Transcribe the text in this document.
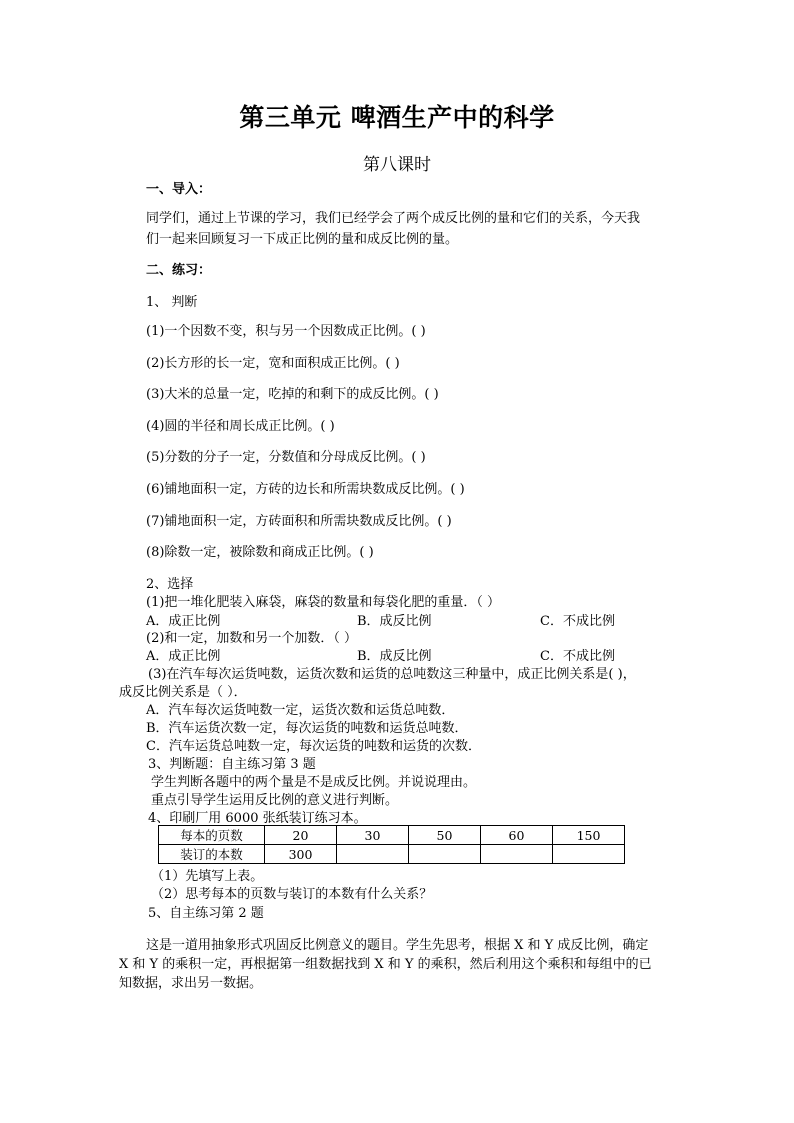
第三单元 啤酒生产中的科学
第八课时
一、导入：
同学们，通过上节课的学习，我们已经学会了两个成反比例的量和它们的关系，今天我
们一起来回顾复习一下成正比例的量和成反比例的量。
二、练习：
1、 判断
(1)一个因数不变，积与另一个因数成正比例。( )
(2)长方形的长一定，宽和面积成正比例。( )
(3)大米的总量一定，吃掉的和剩下的成反比例。( )
(4)圆的半径和周长成正比例。( )
(5)分数的分子一定，分数值和分母成反比例。( )
(6)铺地面积一定，方砖的边长和所需块数成反比例。( )
(7)铺地面积一定，方砖面积和所需块数成反比例。( )
(8)除数一定，被除数和商成正比例。( )
2、选择
(1)把一堆化肥装入麻袋，麻袋的数量和每袋化肥的重量．（ ）
A．成正比例	B．成反比例	C．不成比例
(2)和一定，加数和另一个加数．（ ）
A．成正比例	B．成反比例	C．不成比例
(3)在汽车每次运货吨数，运货次数和运货的总吨数这三种量中，成正比例关系是( )，
成反比例关系是（ ）．
A．汽车每次运货吨数一定，运货次数和运货总吨数．
B．汽车运货次数一定，每次运货的吨数和运货总吨数．
C．汽车运货总吨数一定，每次运货的吨数和运货的次数．
3、判断题：自主练习第 3 题
学生判断各题中的两个量是不是成反比例。并说说理由。
重点引导学生运用反比例的意义进行判断。
4、印刷厂用 6000 张纸装订练习本。
每本的页数	20	30	50	60	150
装订的本数	300				
（1）先填写上表。
（2）思考每本的页数与装订的本数有什么关系？
5、自主练习第 2 题
这是一道用抽象形式巩固反比例意义的题目。学生先思考，根据 X 和 Y 成反比例，确定
X 和 Y 的乘积一定，再根据第一组数据找到 X 和 Y 的乘积，然后利用这个乘积和每组中的已
知数据，求出另一数据。
